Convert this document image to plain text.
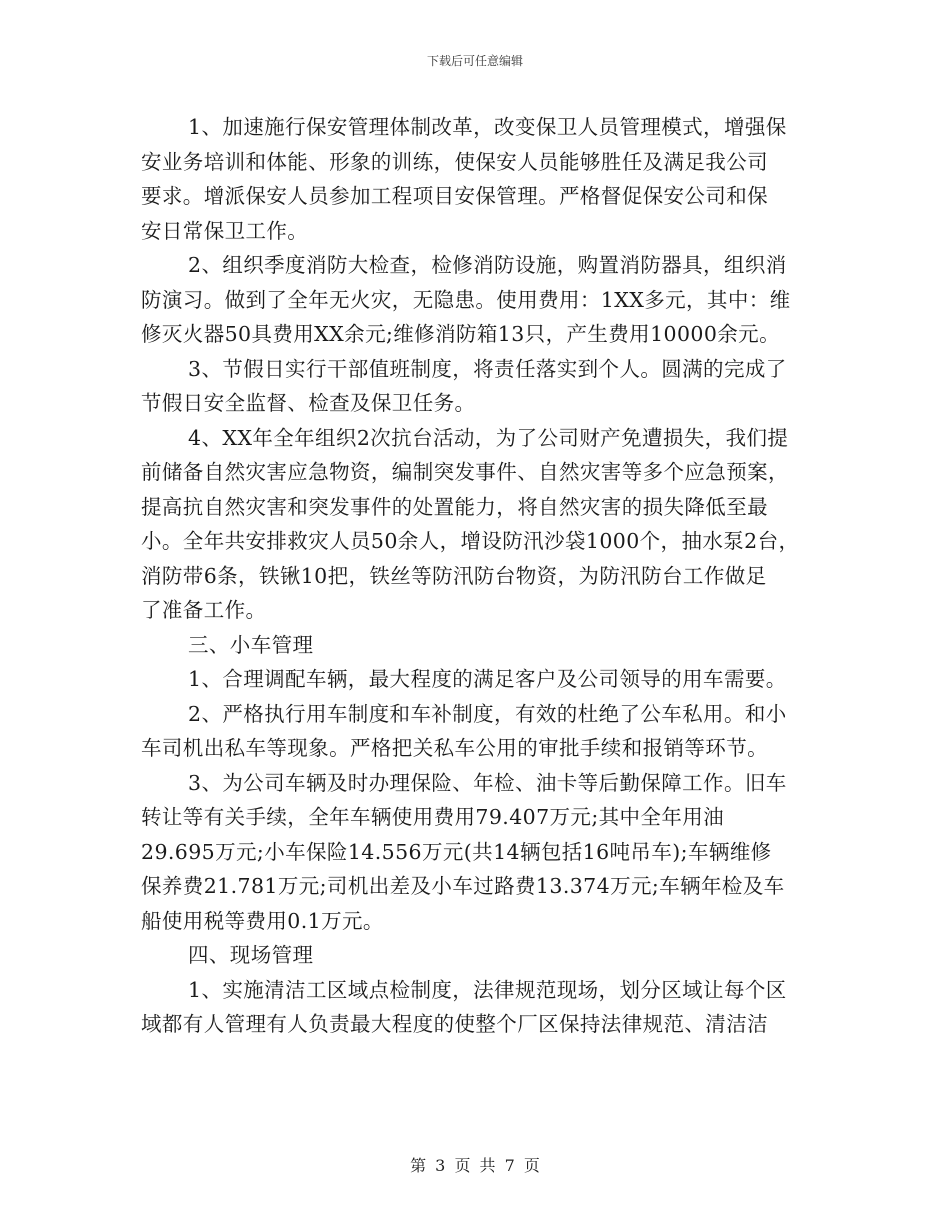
下载后可任意编辑
1、加速施行保安管理体制改革，改变保卫人员管理模式，增强保
安业务培训和体能、形象的训练，使保安人员能够胜任及满足我公司
要求。增派保安人员参加工程项目安保管理。严格督促保安公司和保
安日常保卫工作。
2、组织季度消防大检查，检修消防设施，购置消防器具，组织消
防演习。做到了全年无火灾，无隐患。使用费用：1XX多元，其中：维
修灭火器50具费用XX余元;维修消防箱13只，产生费用10000余元。
3、节假日实行干部值班制度，将责任落实到个人。圆满的完成了
节假日安全监督、检查及保卫任务。
4、XX年全年组织2次抗台活动，为了公司财产免遭损失，我们提
前储备自然灾害应急物资，编制突发事件、自然灾害等多个应急预案，
提高抗自然灾害和突发事件的处置能力，将自然灾害的损失降低至最
小。全年共安排救灾人员50余人，增设防汛沙袋1000个，抽水泵2台，
消防带6条，铁锹10把，铁丝等防汛防台物资，为防汛防台工作做足
了准备工作。
三、小车管理
1、合理调配车辆，最大程度的满足客户及公司领导的用车需要。
2、严格执行用车制度和车补制度，有效的杜绝了公车私用。和小
车司机出私车等现象。严格把关私车公用的审批手续和报销等环节。
3、为公司车辆及时办理保险、年检、油卡等后勤保障工作。旧车
转让等有关手续，全年车辆使用费用79.407万元;其中全年用油
29.695万元;小车保险14.556万元(共14辆包括16吨吊车);车辆维修
保养费21.781万元;司机出差及小车过路费13.374万元;车辆年检及车
船使用税等费用0.1万元。
四、现场管理
1、实施清洁工区域点检制度，法律规范现场，划分区域让每个区
域都有人管理有人负责最大程度的使整个厂区保持法律规范、清洁洁
第 3 页 共 7 页
